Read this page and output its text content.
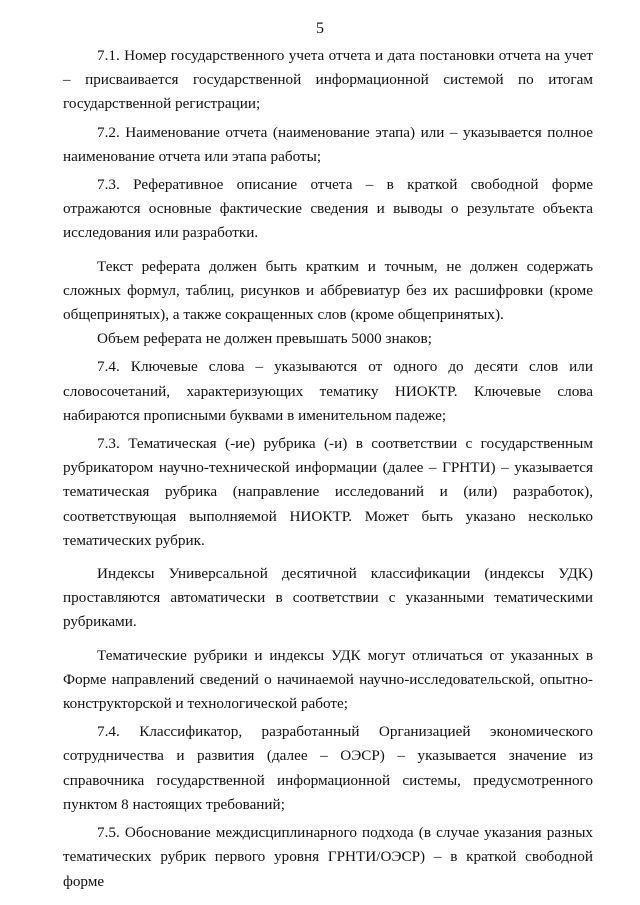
5

7.1. Номер государственного учета отчета и дата постановки отчета на учет – присваивается государственной информационной системой по итогам государственной регистрации;

7.2. Наименование отчета (наименование этапа) или – указывается полное наименование отчета или этапа работы;

7.3. Реферативное описание отчета – в краткой свободной форме отражаются основные фактические сведения и выводы о результате объекта исследования или разработки.

Текст реферата должен быть кратким и точным, не должен содержать сложных формул, таблиц, рисунков и аббревиатур без их расшифровки (кроме общепринятых), а также сокращенных слов (кроме общепринятых).

Объем реферата не должен превышать 5000 знаков;

7.4. Ключевые слова – указываются от одного до десяти слов или словосочетаний, характеризующих тематику НИОКТР. Ключевые слова набираются прописными буквами в именительном падеже;

7.3. Тематическая (-ие) рубрика (-и) в соответствии с государственным рубрикатором научно-технической информации (далее – ГРНТИ) – указывается тематическая рубрика (направление исследований и (или) разработок), соответствующая выполняемой НИОКТР. Может быть указано несколько тематических рубрик.

Индексы Универсальной десятичной классификации (индексы УДК) проставляются автоматически в соответствии с указанными тематическими рубриками.

Тематические рубрики и индексы УДК могут отличаться от указанных в Форме направлений сведений о начинаемой научно-исследовательской, опытно-конструкторской и технологической работе;

7.4. Классификатор, разработанный Организацией экономического сотрудничества и развития (далее – ОЭСР) – указывается значение из справочника государственной информационной системы, предусмотренного пунктом 8 настоящих требований;

7.5. Обоснование междисциплинарного подхода (в случае указания разных тематических рубрик первого уровня ГРНТИ/ОЭСР) – в краткой свободной форме
